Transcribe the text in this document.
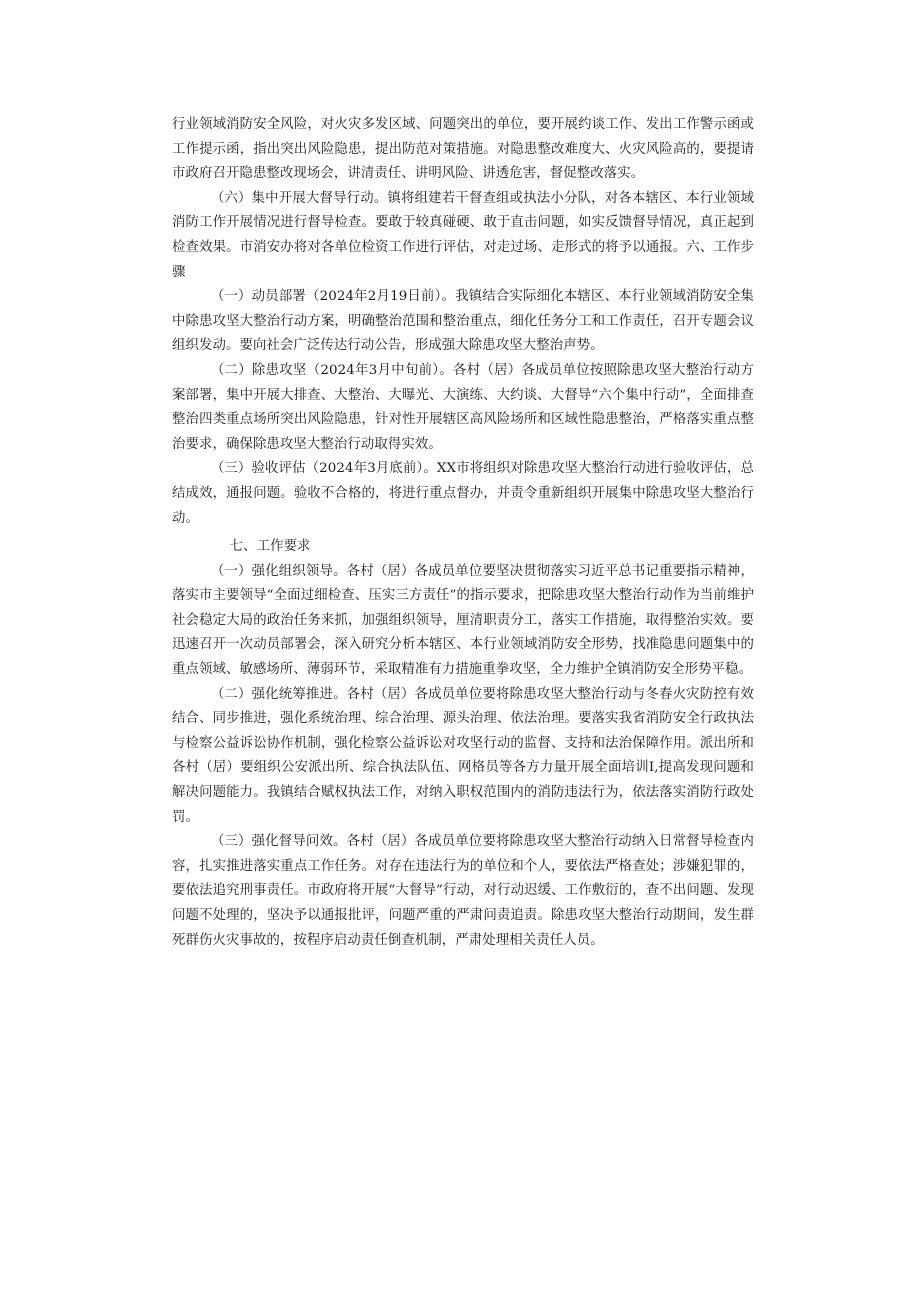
行业领域消防安全风险，对火灾多发区域、问题突出的单位，要开展约谈工作、发出工作警示函或工作提示函，指出突出风险隐患，提出防范对策措施。对隐患整改难度大、火灾风险高的，要提请市政府召开隐患整改现场会，讲清责任、讲明风险、讲透危害，督促整改落实。

（六）集中开展大督导行动。镇将组建若干督查组或执法小分队，对各本辖区、本行业领域消防工作开展情况进行督导检查。要敢于较真碰硬、敢于直击问题，如实反馈督导情况，真正起到检查效果。市消安办将对各单位检资工作进行评估，对走过场、走形式的将予以通报。六、工作步骤

（一）动员部署（2024年2月19日前）。我镇结合实际细化本辖区、本行业领域消防安全集中除患攻坚大整治行动方案，明确整治范围和整治重点，细化任务分工和工作责任，召开专题会议组织发动。要向社会广泛传达行动公告，形成强大除患攻坚大整治声势。

（二）除患攻坚（2024年3月中旬前）。各村（居）各成员单位按照除患攻坚大整治行动方案部署，集中开展大排查、大整治、大曝光、大演练、大约谈、大督导“六个集中行动”，全面排查整治四类重点场所突出风险隐患，针对性开展辖区高风险场所和区域性隐患整治，严格落实重点整治要求，确保除患攻坚大整治行动取得实效。

（三）验收评估（2024年3月底前）。XX市将组织对除患攻坚大整治行动进行验收评估，总结成效，通报问题。验收不合格的，将进行重点督办，并责令重新组织开展集中除患攻坚大整治行动。

七、工作要求

（一）强化组织领导。各村（居）各成员单位要坚决贯彻落实习近平总书记重要指示精神，落实市主要领导“全面过细检查、压实三方责任”的指示要求，把除患攻坚大整治行动作为当前维护社会稳定大局的政治任务来抓，加强组织领导，厘清职责分工，落实工作措施，取得整治实效。要迅速召开一次动员部署会，深入研究分析本辖区、本行业领域消防安全形势，找准隐患问题集中的重点领域、敏感场所、薄弱环节，采取精准有力措施重拳攻坚，全力维护全镇消防安全形势平稳。

（二）强化统筹推进。各村（居）各成员单位要将除患攻坚大整治行动与冬春火灾防控有效结合、同步推进，强化系统治理、综合治理、源头治理、依法治理。要落实我省消防安全行政执法与检察公益诉讼协作机制，强化检察公益诉讼对攻坚行动的监督、支持和法治保障作用。派出所和各村（居）要组织公安派出所、综合执法队伍、网格员等各方力量开展全面培训I,提高发现问题和解决问题能力。我镇结合赋权执法工作，对纳入职权范围内的消防违法行为，依法落实消防行政处罚。

（三）强化督导问效。各村（居）各成员单位要将除患攻坚大整治行动纳入日常督导检查内容，扎实推进落实重点工作任务。对存在违法行为的单位和个人，要依法严格查处；涉嫌犯罪的，要依法追究刑事责任。市政府将开展“大督导”行动，对行动迟缓、工作敷衍的，查不出问题、发现问题不处理的，坚决予以通报批评，问题严重的严肃问责追责。除患攻坚大整治行动期间，发生群死群伤火灾事故的，按程序启动责任倒查机制，严肃处理相关责任人员。
